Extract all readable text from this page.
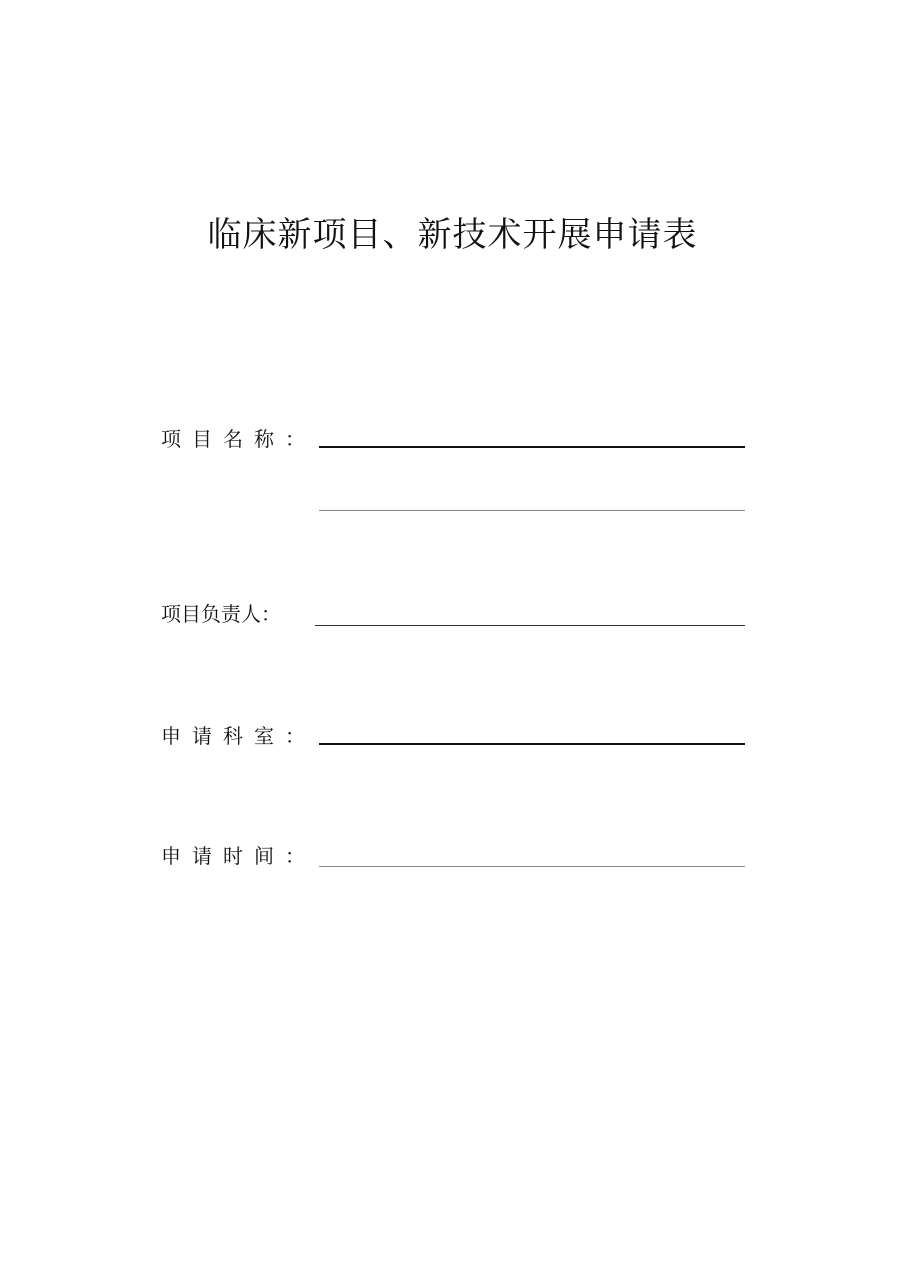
临床新项目、新技术开展申请表
项目名称：
项目负责人：
申请科室：
申请时间：
